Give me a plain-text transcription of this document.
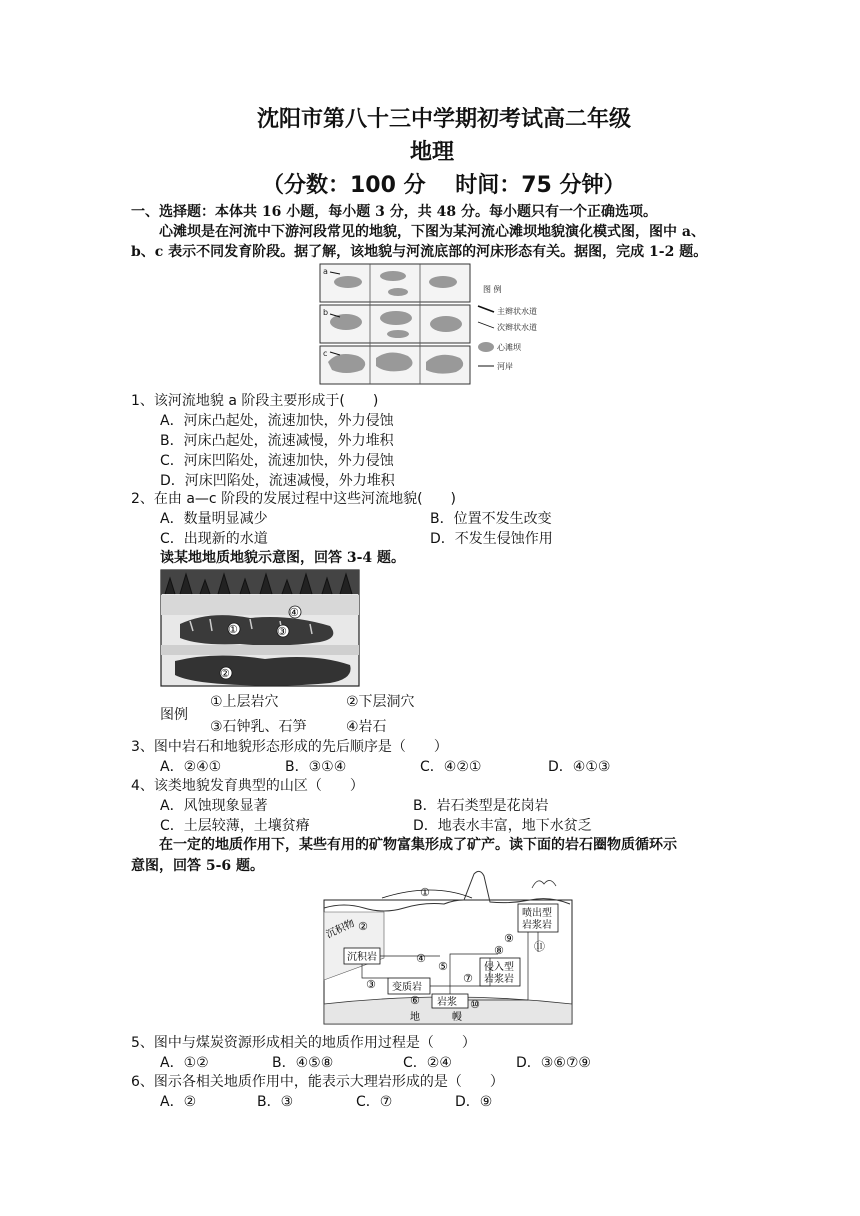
沈阳市第八十三中学期初考试高二年级
地理
（分数：100 分　 时间：75 分钟）
一、选择题：本体共 16 小题，每小题 3 分，共 48 分。每小题只有一个正确选项。
　　心滩坝是在河流中下游河段常见的地貌，下图为某河流心滩坝地貌演化模式图，图中 a、
b、c 表示不同发育阶段。据了解，该地貌与河流底部的河床形态有关。据图，完成 1-2 题。
a
b
c
图 例
主辫状水道
次辫状水道
心滩坝
河岸
1、该河流地貌 a 阶段主要形成于(　　)
A．河床凸起处，流速加快，外力侵蚀
B．河床凸起处，流速减慢，外力堆积
C．河床凹陷处，流速加快，外力侵蚀
D．河床凹陷处，流速减慢，外力堆积
2、在由 a—c 阶段的发展过程中这些河流地貌(　　)
A．数量明显减少	B．位置不发生改变
C．出现新的水道	D．不发生侵蚀作用
读某地地质地貌示意图，回答 3-4 题。
④
①	③
②
①上层岩穴	②下层洞穴
图例
③石钟乳、石笋	④岩石
3、图中岩石和地貌形态形成的先后顺序是（　　）
A．②④①	B．③①④	C．④②①	D．④①③
4、该类地貌发育典型的山区（　　）
A．风蚀现象显著	B．岩石类型是花岗岩
C．土层较薄，土壤贫瘠	D．地表水丰富，地下水贫乏
　　在一定的地质作用下，某些有用的矿物富集形成了矿产。读下面的岩石圈物质循环示
意图，回答 5-6 题。
沉积岩
变质岩
岩浆
侵入型
岩浆岩
喷出型
岩浆岩
沉积物
地	幔
①
②
③
④
⑤
⑥
⑦
⑧
⑨
⑩
⑪
5、图中与煤炭资源形成相关的地质作用过程是（　　）
A．①②	B．④⑤⑧	C．②④	D．③⑥⑦⑨
6、图示各相关地质作用中，能表示大理岩形成的是（　　）
A．②	B．③	C．⑦	D．⑨
